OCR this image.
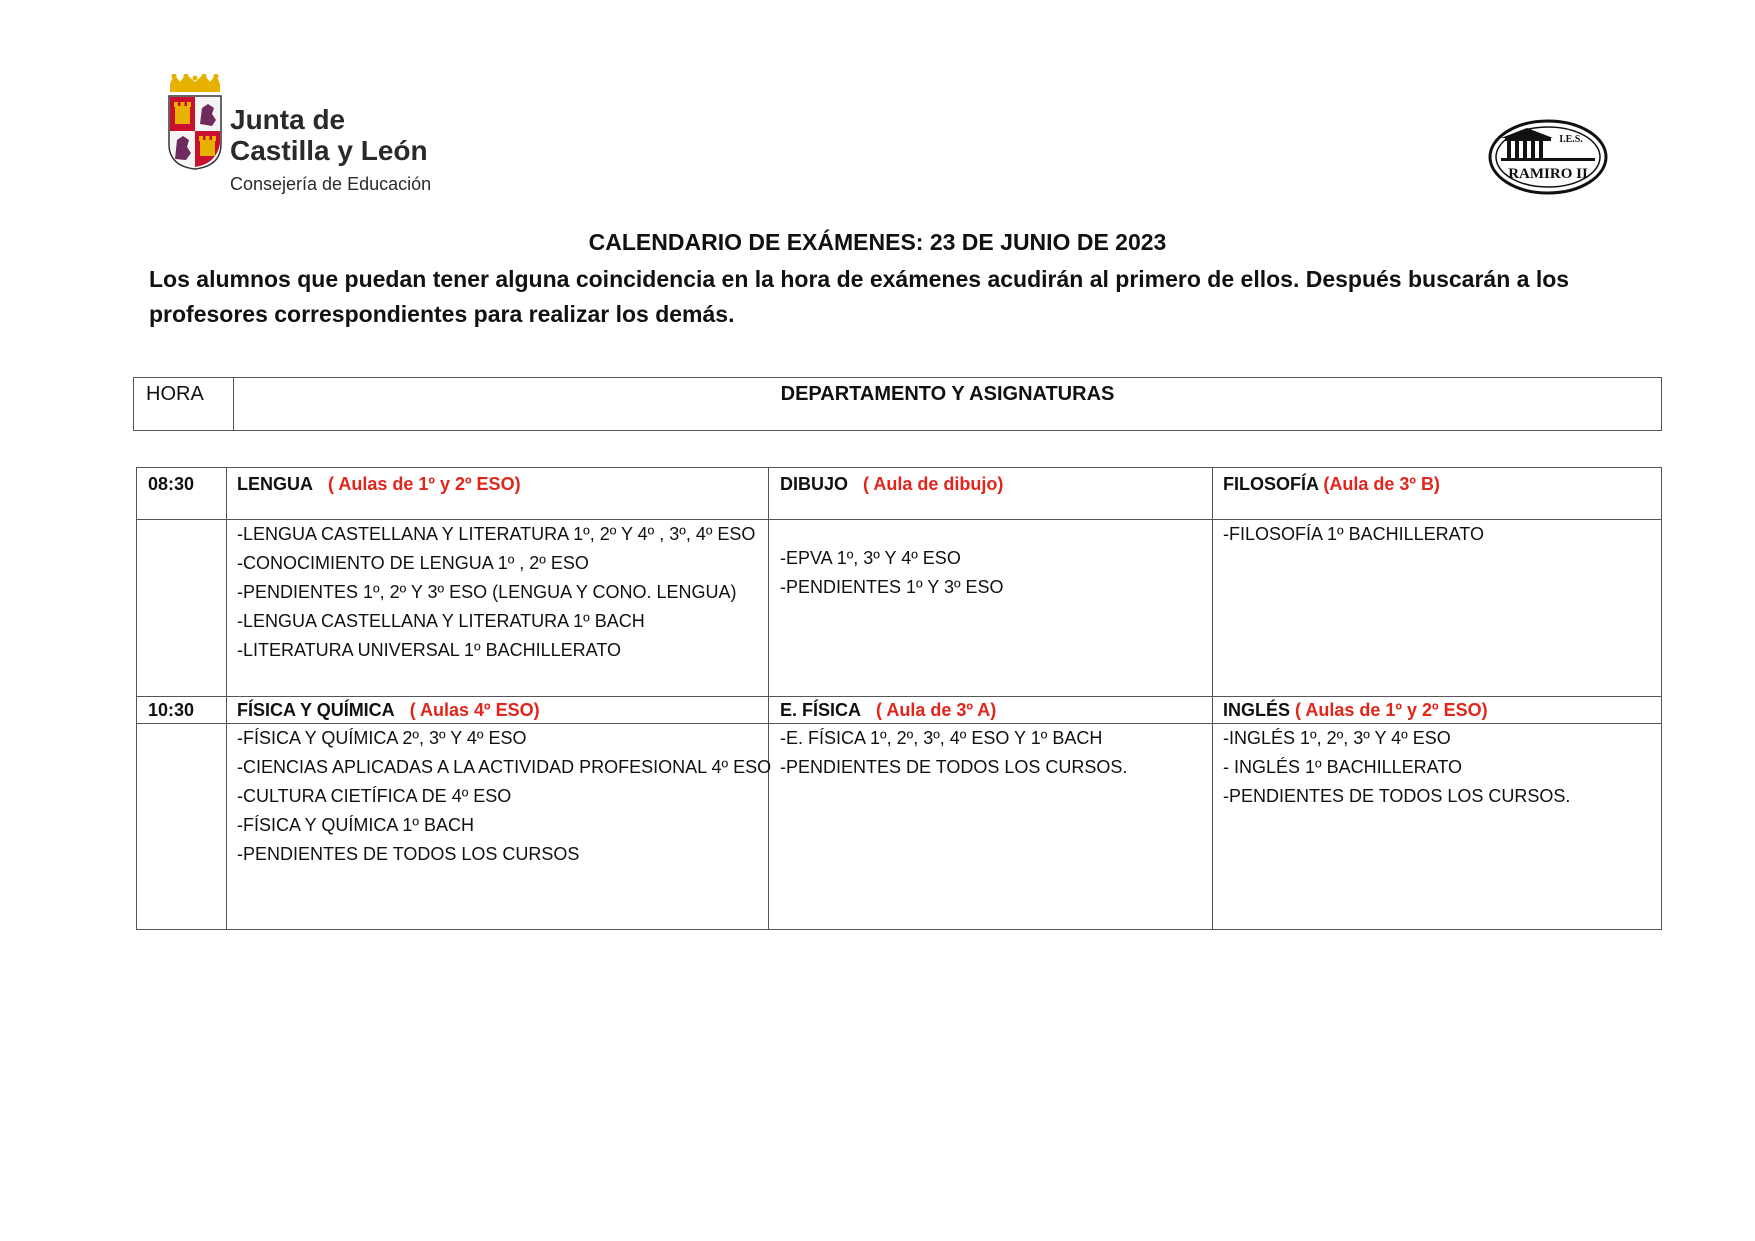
Junta de
Castilla y León
Consejería de Educación
I.E.S.
RAMIRO II
CALENDARIO DE EXÁMENES: 23 DE JUNIO DE 2023
Los alumnos que puedan tener alguna coincidencia en la hora de exámenes acudirán al primero de ellos. Después buscarán a los profesores correspondientes para realizar los demás.
HORA	DEPARTAMENTO Y ASIGNATURAS
08:30 LENGUA ( Aulas de 1º y 2º ESO)
-LENGUA CASTELLANA Y LITERATURA 1º, 2º Y 4º , 3º, 4º ESO
-CONOCIMIENTO DE LENGUA 1º , 2º ESO
-PENDIENTES 1º, 2º Y 3º ESO (LENGUA Y CONO. LENGUA)
-LENGUA CASTELLANA Y LITERATURA 1º BACH
-LITERATURA UNIVERSAL 1º BACHILLERATO
DIBUJO ( Aula de dibujo)
-EPVA 1º, 3º Y 4º ESO
-PENDIENTES 1º Y 3º ESO
FILOSOFÍA (Aula de 3º B)
-FILOSOFÍA 1º BACHILLERATO
10:30 FÍSICA Y QUÍMICA ( Aulas 4º ESO)
-FÍSICA Y QUÍMICA 2º, 3º Y 4º ESO
-CIENCIAS APLICADAS A LA ACTIVIDAD PROFESIONAL 4º ESO
-CULTURA CIETÍFICA DE 4º ESO
-FÍSICA Y QUÍMICA 1º BACH
-PENDIENTES DE TODOS LOS CURSOS
E. FÍSICA ( Aula de 3º A)
-E. FÍSICA 1º, 2º, 3º, 4º ESO Y 1º BACH
-PENDIENTES DE TODOS LOS CURSOS.
INGLÉS ( Aulas de 1º y 2º ESO)
-INGLÉS 1º, 2º, 3º Y 4º ESO
- INGLÉS 1º BACHILLERATO
-PENDIENTES DE TODOS LOS CURSOS.
